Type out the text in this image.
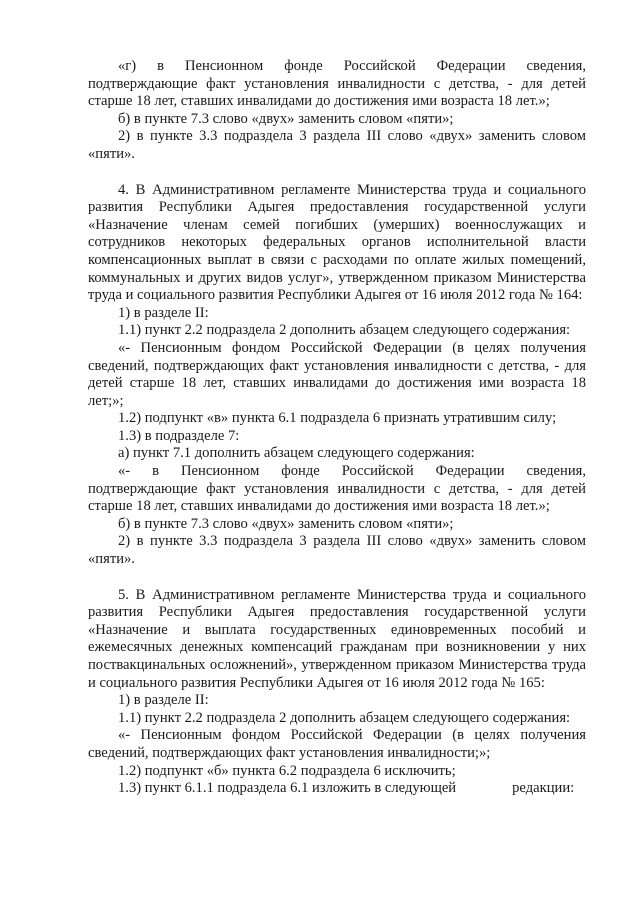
«г) в Пенсионном фонде Российской Федерации сведения, подтверждающие факт установления инвалидности с детства, - для детей старше 18 лет, ставших инвалидами до достижения ими возраста 18 лет.»;

б) в пункте 7.3 слово «двух» заменить словом «пяти»;

2) в пункте 3.3 подраздела 3 раздела III слово «двух» заменить словом «пяти».

4. В Административном регламенте Министерства труда и социального развития Республики Адыгея предоставления государственной услуги «Назначение членам семей погибших (умерших) военнослужащих и сотрудников некоторых федеральных органов исполнительной власти компенсационных выплат в связи с расходами по оплате жилых помещений, коммунальных и других видов услуг», утвержденном приказом Министерства труда и социального развития Республики Адыгея от 16 июля 2012 года № 164:

1) в разделе II:

1.1) пункт 2.2 подраздела 2 дополнить абзацем следующего содержания:

«- Пенсионным фондом Российской Федерации (в целях получения сведений, подтверждающих факт установления инвалидности с детства, - для детей старше 18 лет, ставших инвалидами до достижения ими возраста 18 лет;»;

1.2) подпункт «в» пункта 6.1 подраздела 6 признать утратившим силу;

1.3) в подразделе 7:

а) пункт 7.1 дополнить абзацем следующего содержания:

«- в Пенсионном фонде Российской Федерации сведения, подтверждающие факт установления инвалидности с детства, - для детей старше 18 лет, ставших инвалидами до достижения ими возраста 18 лет.»;

б) в пункте 7.3 слово «двух» заменить словом «пяти»;

2) в пункте 3.3 подраздела 3 раздела III слово «двух» заменить словом «пяти».

5. В Административном регламенте Министерства труда и социального развития Республики Адыгея предоставления государственной услуги «Назначение и выплата государственных единовременных пособий и ежемесячных денежных компенсаций гражданам при возникновении у них поствакцинальных осложнений», утвержденном приказом Министерства труда и социального развития Республики Адыгея от 16 июля 2012 года № 165:

1) в разделе II:

1.1) пункт 2.2 подраздела 2 дополнить абзацем следующего содержания:

«- Пенсионным фондом Российской Федерации (в целях получения сведений, подтверждающих факт установления инвалидности;»;

1.2) подпункт «б» пункта 6.2 подраздела 6 исключить;

1.3) пункт 6.1.1 подраздела 6.1 изложить в следующей	редакции:
